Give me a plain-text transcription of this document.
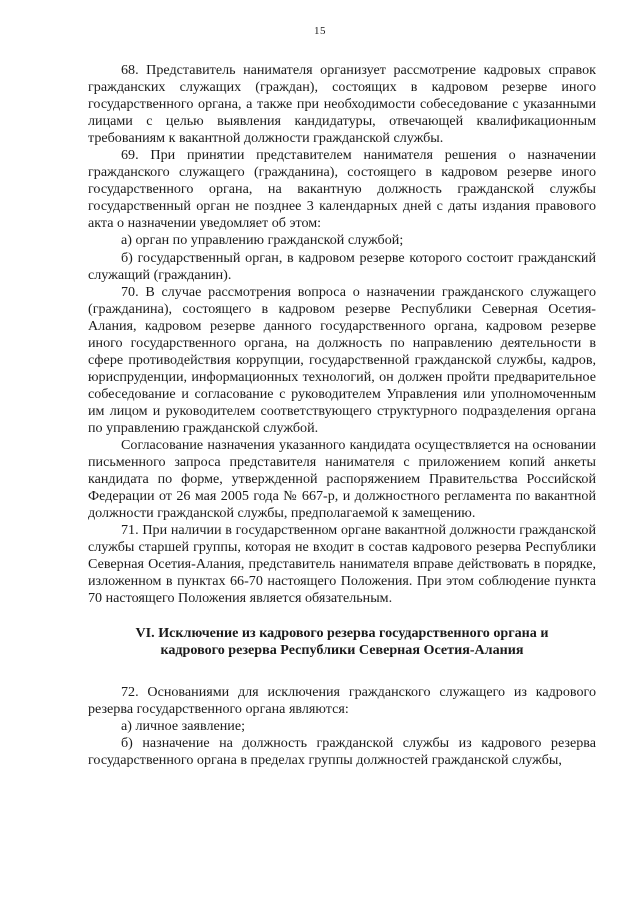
15

68. Представитель нанимателя организует рассмотрение кадровых справок гражданских служащих (граждан), состоящих в кадровом резерве иного государственного органа, а также при необходимости собеседование с указанными лицами с целью выявления кандидатуры, отвечающей квалификационным требованиям к вакантной должности гражданской службы.

69. При принятии представителем нанимателя решения о назначении гражданского служащего (гражданина), состоящего в кадровом резерве иного государственного органа, на вакантную должность гражданской службы государственный орган не позднее 3 календарных дней с даты издания правового акта о назначении уведомляет об этом:

а) орган по управлению гражданской службой;

б) государственный орган, в кадровом резерве которого состоит гражданский служащий (гражданин).

70. В случае рассмотрения вопроса о назначении гражданского служащего (гражданина), состоящего в кадровом резерве Республики Северная Осетия-Алания, кадровом резерве данного государственного органа, кадровом резерве иного государственного органа, на должность по направлению деятельности в сфере противодействия коррупции, государственной гражданской службы, кадров, юриспруденции, информационных технологий, он должен пройти предварительное собеседование и согласование с руководителем Управления или уполномоченным им лицом и руководителем соответствующего структурного подразделения органа по управлению гражданской службой.

Согласование назначения указанного кандидата осуществляется на основании письменного запроса представителя нанимателя с приложением копий анкеты кандидата по форме, утвержденной распоряжением Правительства Российской Федерации от 26 мая 2005 года № 667-р, и должностного регламента по вакантной должности гражданской службы, предполагаемой к замещению.

71. При наличии в государственном органе вакантной должности гражданской службы старшей группы, которая не входит в состав кадрового резерва Республики Северная Осетия-Алания, представитель нанимателя вправе действовать в порядке, изложенном в пунктах 66-70 настоящего Положения. При этом соблюдение пункта 70 настоящего Положения является обязательным.

VI. Исключение из кадрового резерва государственного органа и

кадрового резерва Республики Северная Осетия-Алания

72. Основаниями для исключения гражданского служащего из кадрового резерва государственного органа являются:

а) личное заявление;

б) назначение на должность гражданской службы из кадрового резерва государственного органа в пределах группы должностей гражданской службы,
